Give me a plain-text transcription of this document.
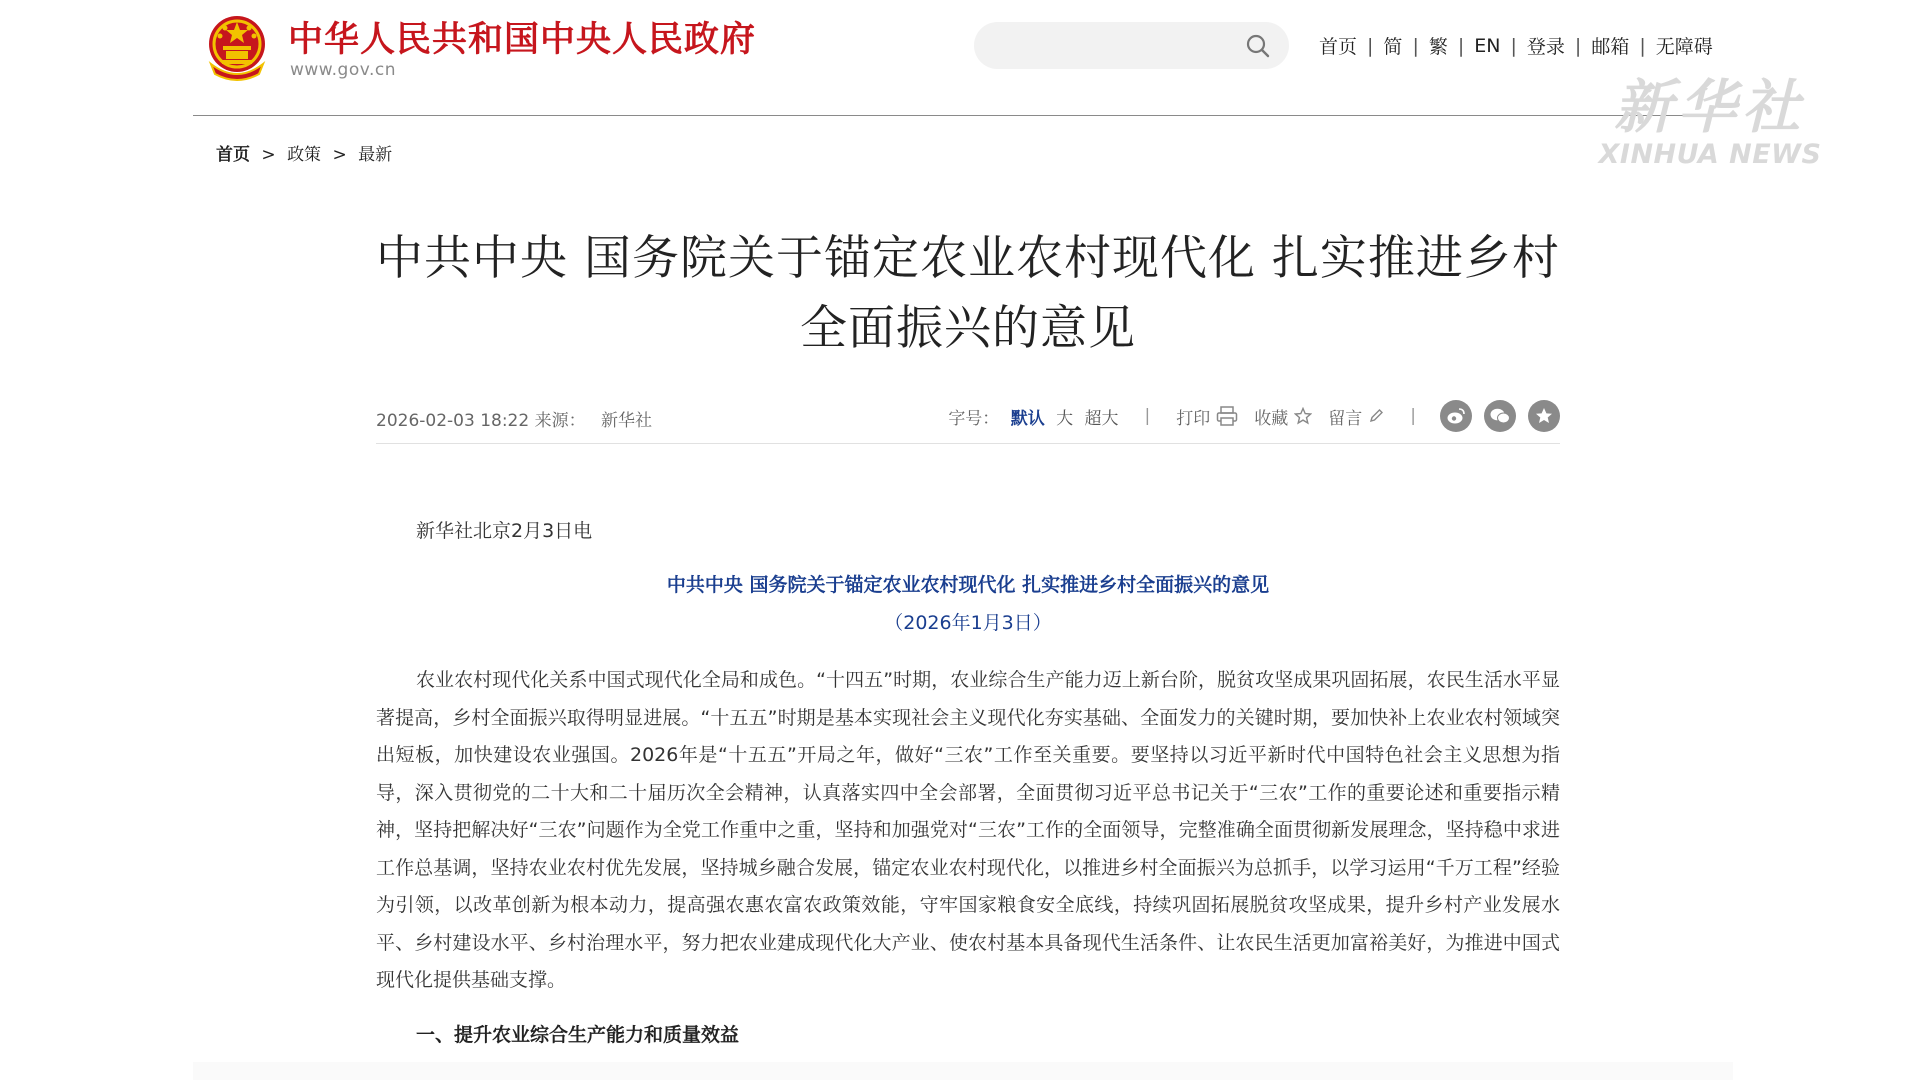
中华人民共和国中央人民政府
www.gov.cn
首页 | 简 | 繁 | EN | 登录 | 邮箱 | 无障碍
新华社
XINHUA NEWS
首页 > 政策 > 最新
中共中央 国务院关于锚定农业农村现代化 扎实推进乡村
全面振兴的意见
2026-02-03 18:22 来源： 新华社	字号： 默认 大 超大 | 打印	收藏 留言	|
新华社北京2月3日电
中共中央 国务院关于锚定农业农村现代化 扎实推进乡村全面振兴的意见
（2026年1月3日）
农业农村现代化关系中国式现代化全局和成色。“十四五”时期，农业综合生产能力迈上新台阶，脱贫攻坚成果巩固拓展，农民生活水平显著提高，乡村全面振兴取得明显进展。“十五五”时期是基本实现社会主义现代化夯实基础、全面发力的关键时期，要加快补上农业农村领域突出短板，加快建设农业强国。2026年是“十五五”开局之年，做好“三农”工作至关重要。要坚持以习近平新时代中国特色社会主义思想为指导，深入贯彻党的二十大和二十届历次全会精神，认真落实四中全会部署，全面贯彻习近平总书记关于“三农”工作的重要论述和重要指示精神，坚持把解决好“三农”问题作为全党工作重中之重，坚持和加强党对“三农”工作的全面领导，完整准确全面贯彻新发展理念，坚持稳中求进工作总基调，坚持农业农村优先发展，坚持城乡融合发展，锚定农业农村现代化，以推进乡村全面振兴为总抓手，以学习运用“千万工程”经验为引领，以改革创新为根本动力，提高强农惠农富农政策效能，守牢国家粮食安全底线，持续巩固拓展脱贫攻坚成果，提升乡村产业发展水平、乡村建设水平、乡村治理水平，努力把农业建成现代化大产业、使农村基本具备现代生活条件、让农民生活更加富裕美好，为推进中国式现代化提供基础支撑。
一、提升农业综合生产能力和质量效益
